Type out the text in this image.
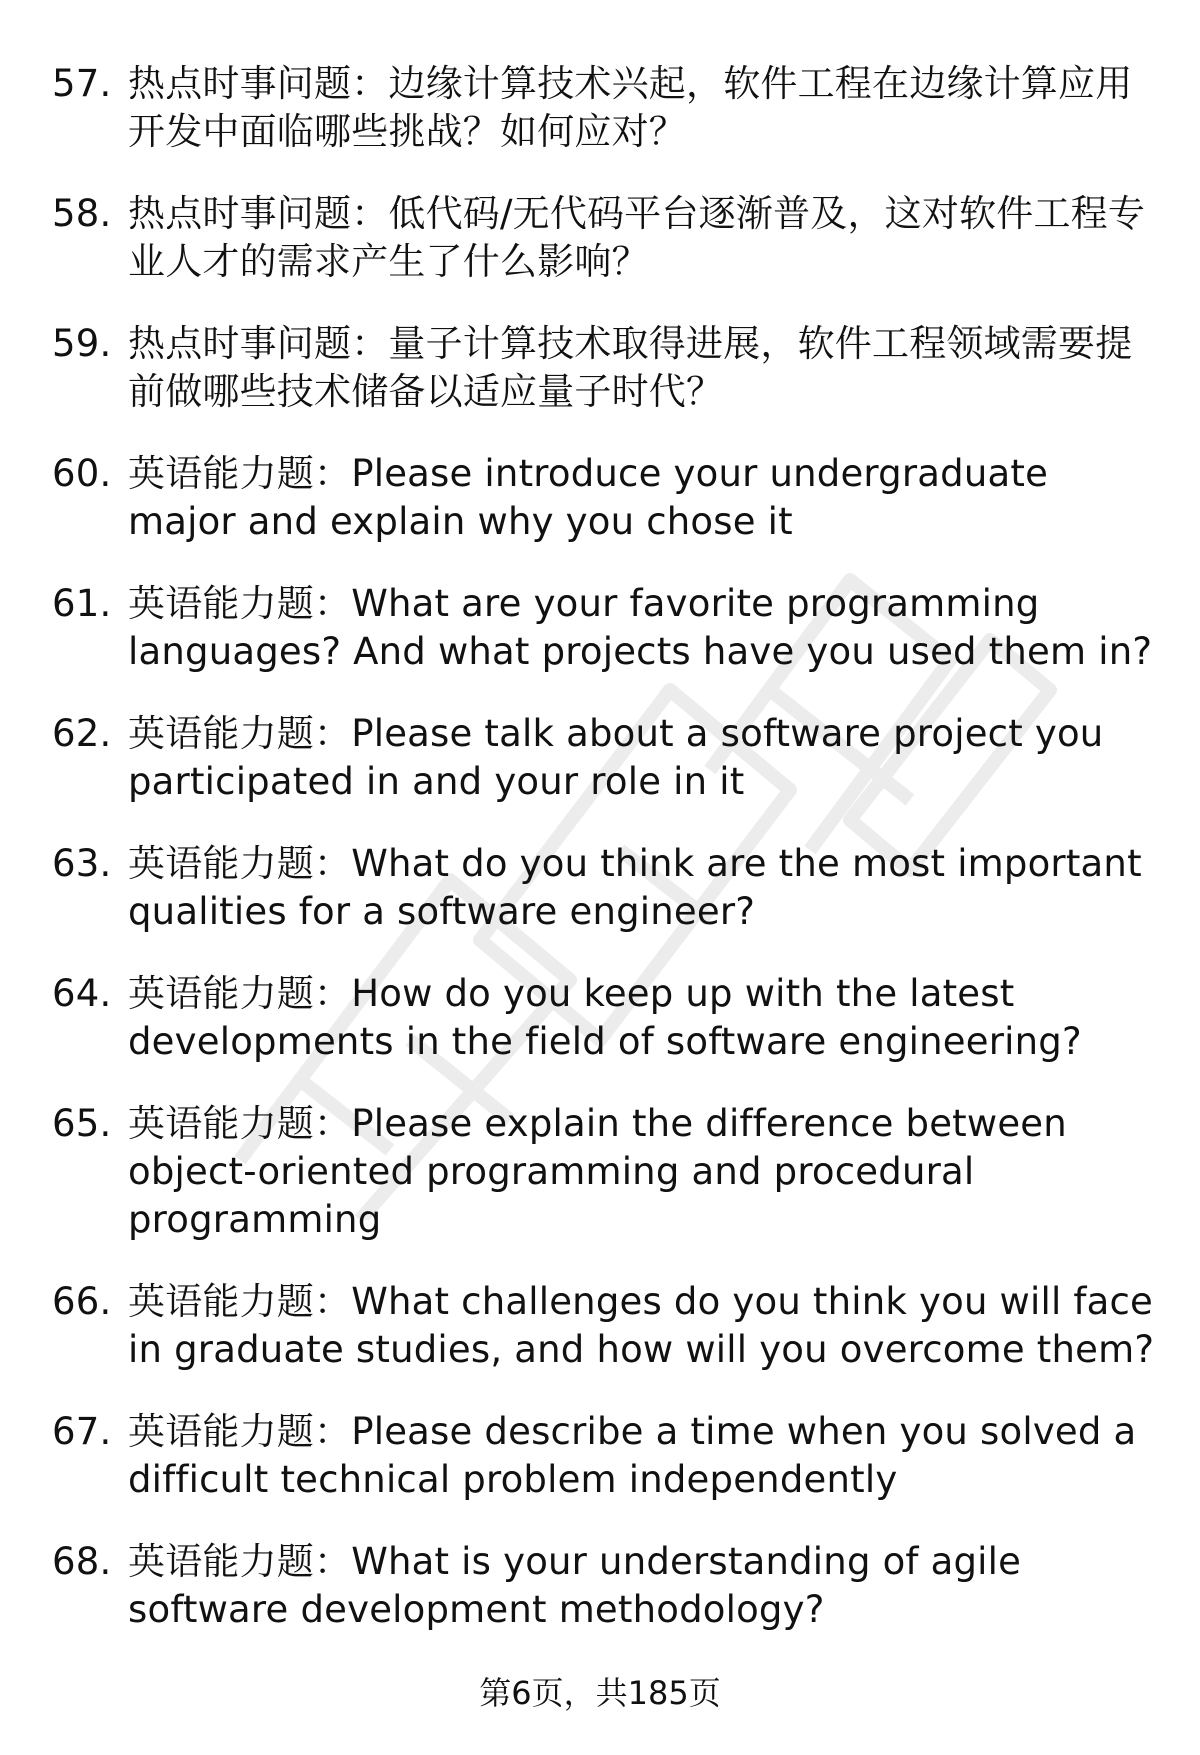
57. 热点时事问题：边缘计算技术兴起，软件工程在边缘计算应用开发中面临哪些挑战？如何应对？
58. 热点时事问题：低代码/无代码平台逐渐普及，这对软件工程专业人才的需求产生了什么影响？
59. 热点时事问题：量子计算技术取得进展，软件工程领域需要提前做哪些技术储备以适应量子时代？
60. 英语能力题：Please introduce your undergraduate major and explain why you chose it
61. 英语能力题：What are your favorite programming languages? And what projects have you used them in?
62. 英语能力题：Please talk about a software project you participated in and your role in it
63. 英语能力题：What do you think are the most important qualities for a software engineer?
64. 英语能力题：How do you keep up with the latest developments in the field of software engineering?
65. 英语能力题：Please explain the difference between object-oriented programming and procedural programming
66. 英语能力题：What challenges do you think you will face in graduate studies, and how will you overcome them?
67. 英语能力题：Please describe a time when you solved a difficult technical problem independently
68. 英语能力题：What is your understanding of agile software development methodology?
第6页，共185页
